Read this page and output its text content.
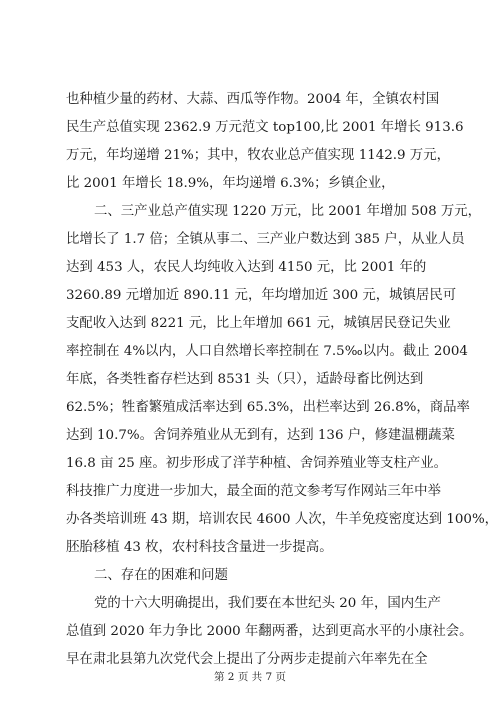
也种植少量的药材、大蒜、西瓜等作物。2004 年，全镇农村国
民生产总值实现 2362.9 万元范文 top100,比 2001 年增长 913.6
万元，年均递增 21%；其中，牧农业总产值实现 1142.9 万元，
比 2001 年增长 18.9%，年均递增 6.3%；乡镇企业，
二、三产业总产值实现 1220 万元，比 2001 年增加 508 万元，
比增长了 1.7 倍；全镇从事二、三产业户数达到 385 户，从业人员
达到 453 人，农民人均纯收入达到 4150 元，比 2001 年的
3260.89 元增加近 890.11 元，年均增加近 300 元，城镇居民可
支配收入达到 8221 元，比上年增加 661 元，城镇居民登记失业
率控制在 4%以内，人口自然增长率控制在 7.5‰以内。截止 2004
年底，各类牲畜存栏达到 8531 头（只），适龄母畜比例达到
62.5%；牲畜繁殖成活率达到 65.3%，出栏率达到 26.8%，商品率
达到 10.7%。舍饲养殖业从无到有，达到 136 户，修建温棚蔬菜
16.8 亩 25 座。初步形成了洋芋种植、舍饲养殖业等支柱产业。
科技推广力度进一步加大，最全面的范文参考写作网站三年中举
办各类培训班 43 期，培训农民 4600 人次，牛羊免疫密度达到 100%，
胚胎移植 43 枚，农村科技含量进一步提高。
二、存在的困难和问题
党的十六大明确提出，我们要在本世纪头 20 年，国内生产
总值到 2020 年力争比 2000 年翻两番，达到更高水平的小康社会。
早在肃北县第九次党代会上提出了分两步走提前六年率先在全
第 2 页 共 7 页
